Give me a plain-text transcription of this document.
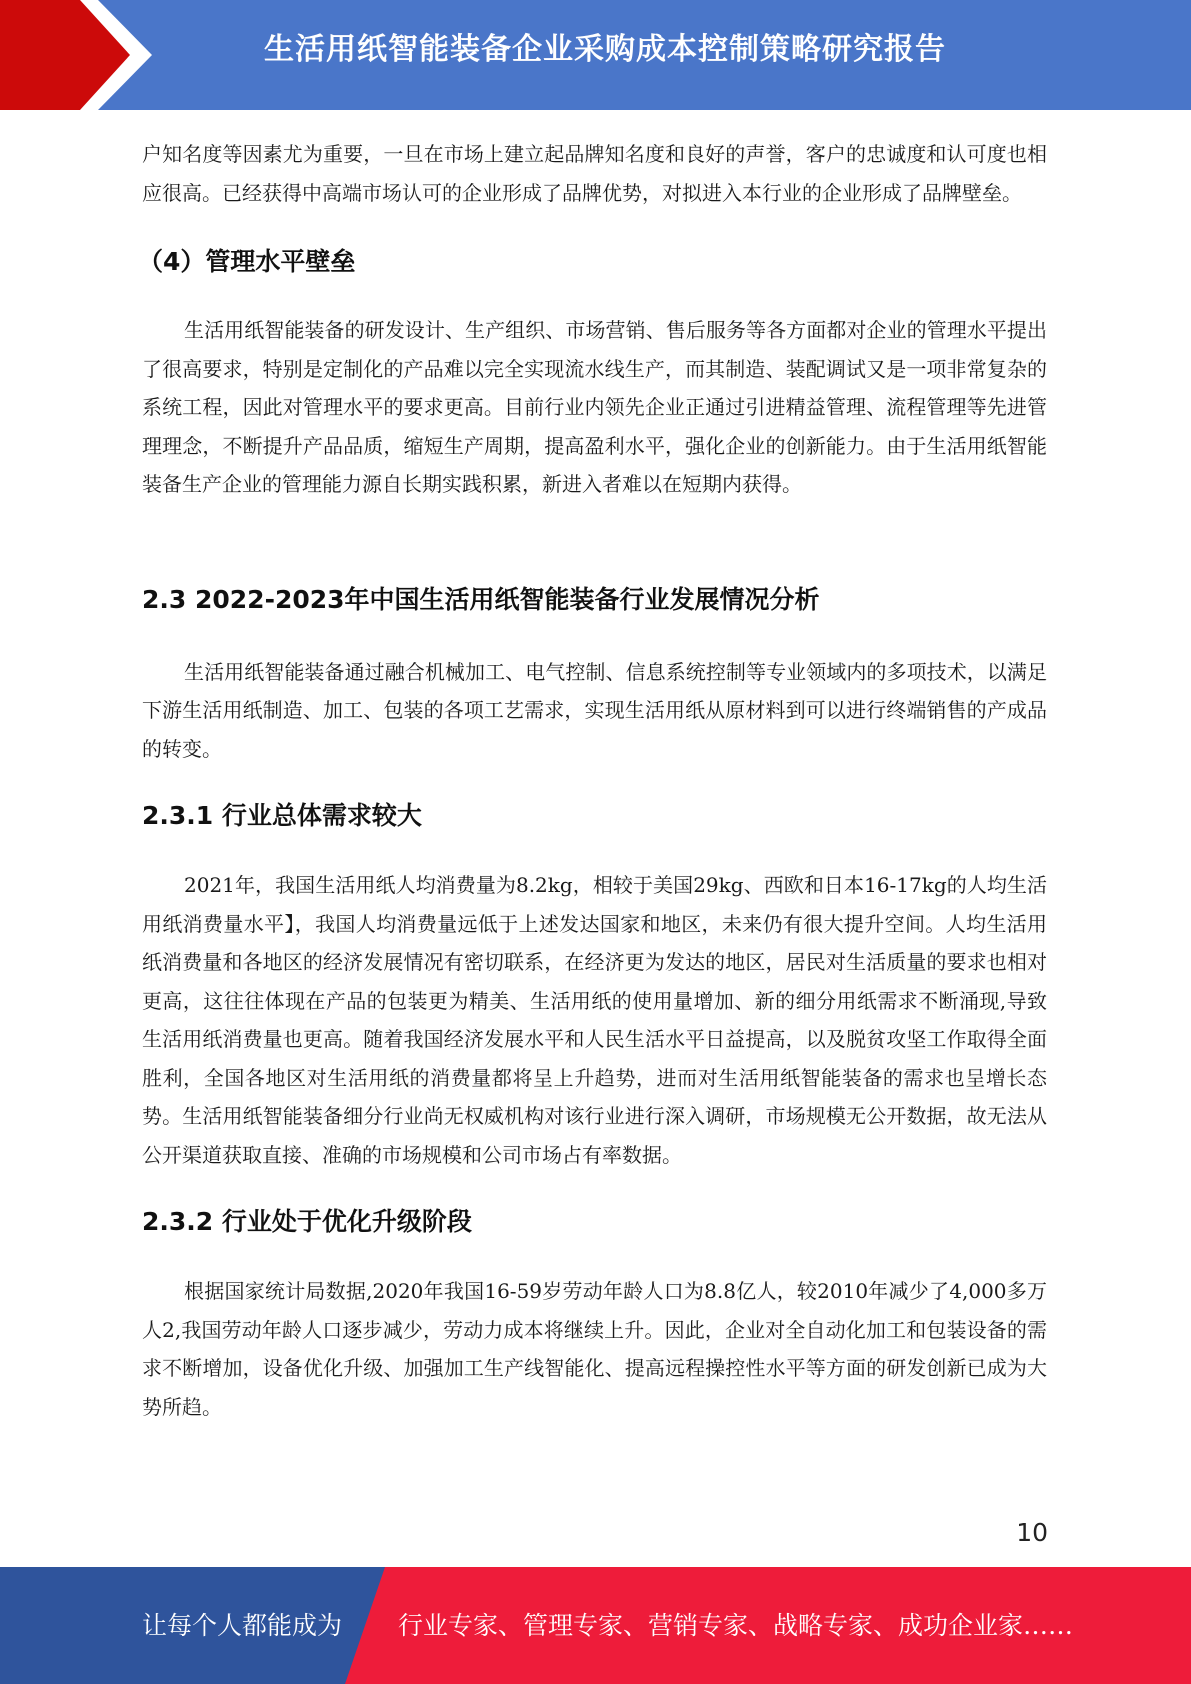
生活用纸智能装备企业采购成本控制策略研究报告

户知名度等因素尤为重要，一旦在市场上建立起品牌知名度和良好的声誉，客户的忠诚度和认可度也相应很高。已经获得中高端市场认可的企业形成了品牌优势，对拟进入本行业的企业形成了品牌壁垒。

（4）管理水平壁垒

生活用纸智能装备的研发设计、生产组织、市场营销、售后服务等各方面都对企业的管理水平提出了很高要求，特别是定制化的产品难以完全实现流水线生产，而其制造、装配调试又是一项非常复杂的系统工程，因此对管理水平的要求更高。目前行业内领先企业正通过引进精益管理、流程管理等先进管理理念，不断提升产品品质，缩短生产周期，提高盈利水平，强化企业的创新能力。由于生活用纸智能装备生产企业的管理能力源自长期实践积累，新进入者难以在短期内获得。

2.3 2022-2023年中国生活用纸智能装备行业发展情况分析

生活用纸智能装备通过融合机械加工、电气控制、信息系统控制等专业领域内的多项技术，以满足下游生活用纸制造、加工、包装的各项工艺需求，实现生活用纸从原材料到可以进行终端销售的产成品的转变。

2.3.1 行业总体需求较大

2021年，我国生活用纸人均消费量为8.2kg，相较于美国29kg、西欧和日本16-17kg的人均生活用纸消费量水平】，我国人均消费量远低于上述发达国家和地区，未来仍有很大提升空间。人均生活用纸消费量和各地区的经济发展情况有密切联系，在经济更为发达的地区，居民对生活质量的要求也相对更高，这往往体现在产品的包装更为精美、生活用纸的使用量增加、新的细分用纸需求不断涌现,导致生活用纸消费量也更高。随着我国经济发展水平和人民生活水平日益提高，以及脱贫攻坚工作取得全面胜利，全国各地区对生活用纸的消费量都将呈上升趋势，进而对生活用纸智能装备的需求也呈增长态势。生活用纸智能装备细分行业尚无权威机构对该行业进行深入调研，市场规模无公开数据，故无法从公开渠道获取直接、准确的市场规模和公司市场占有率数据。

2.3.2 行业处于优化升级阶段

根据国家统计局数据,2020年我国16-59岁劳动年龄人口为8.8亿人，较2010年减少了4,000多万人2,我国劳动年龄人口逐步减少，劳动力成本将继续上升。因此，企业对全自动化加工和包装设备的需求不断增加，设备优化升级、加强加工生产线智能化、提高远程操控性水平等方面的研发创新已成为大势所趋。

10
让每个人都能成为 行业专家、管理专家、营销专家、战略专家、成功企业家……
